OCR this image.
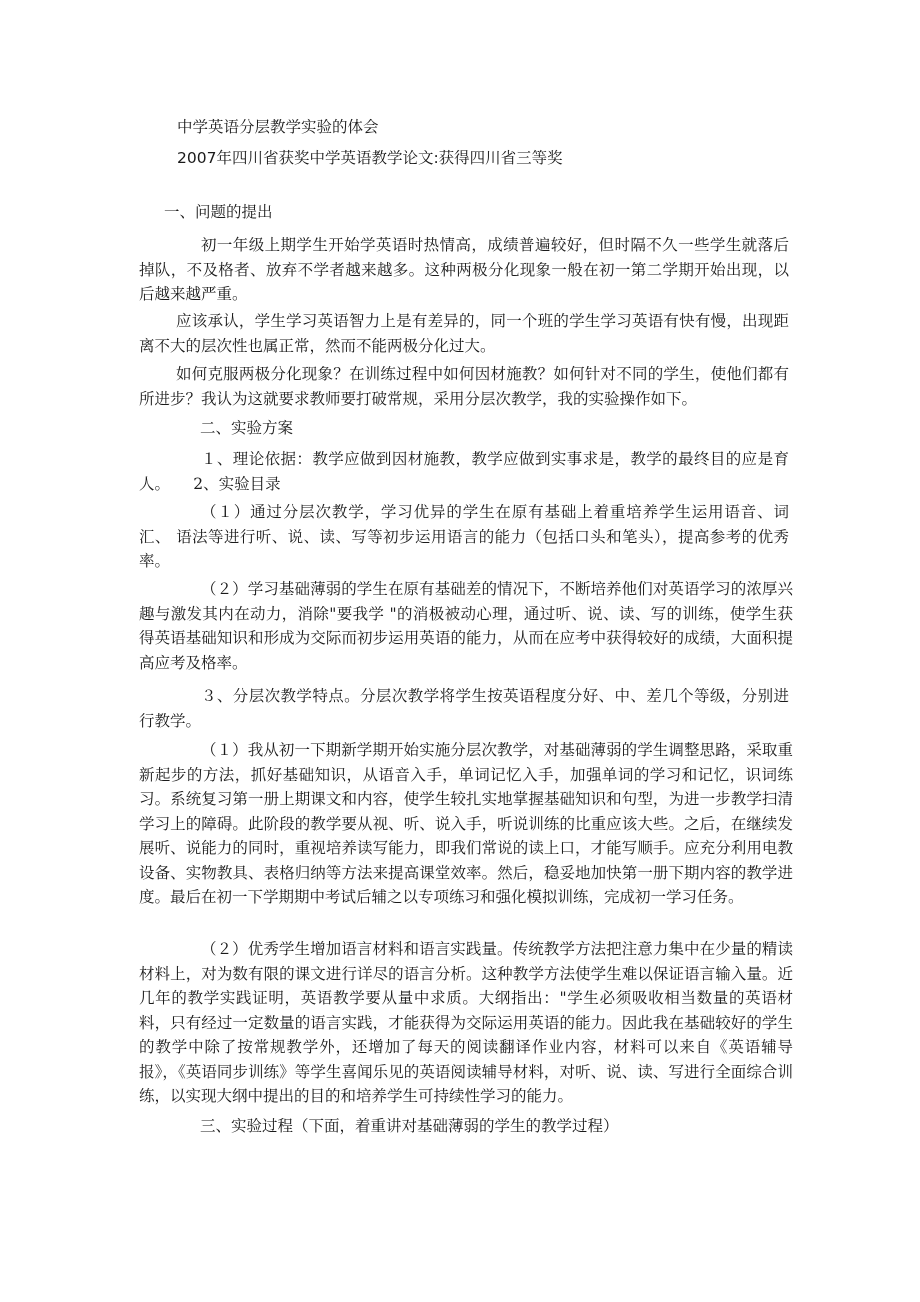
中学英语分层教学实验的体会

2007年四川省获奖中学英语教学论文:获得四川省三等奖

一、问题的提出

初一年级上期学生开始学英语时热情高，成绩普遍较好，但时隔不久一些学生就落后掉队，不及格者、放弃不学者越来越多。这种两极分化现象一般在初一第二学期开始出现，以后越来越严重。

应该承认，学生学习英语智力上是有差异的，同一个班的学生学习英语有快有慢，出现距离不大的层次性也属正常，然而不能两极分化过大。

如何克服两极分化现象？在训练过程中如何因材施教？如何针对不同的学生，使他们都有所进步？我认为这就要求教师要打破常规，采用分层次教学，我的实验操作如下。

二、实验方案

１、理论依据：教学应做到因材施教，教学应做到实事求是，教学的最终目的应是育人。　　2、实验目录

（１）通过分层次教学，学习优异的学生在原有基础上着重培养学生运用语音、词汇、 语法等进行听、说、读、写等初步运用语言的能力（包括口头和笔头），提高参考的优秀率。

（２）学习基础薄弱的学生在原有基础差的情况下，不断培养他们对英语学习的浓厚兴趣与激发其内在动力，消除"要我学 "的消极被动心理，通过听、说、读、写的训练，使学生获得英语基础知识和形成为交际而初步运用英语的能力，从而在应考中获得较好的成绩，大面积提高应考及格率。

３、分层次教学特点。分层次教学将学生按英语程度分好、中、差几个等级，分别进行教学。

（１）我从初一下期新学期开始实施分层次教学，对基础薄弱的学生调整思路，采取重新起步的方法，抓好基础知识，从语音入手，单词记忆入手，加强单词的学习和记忆，识词练习。系统复习第一册上期课文和内容，使学生较扎实地掌握基础知识和句型，为进一步教学扫清 学习上的障碍。此阶段的教学要从视、听、说入手，听说训练的比重应该大些。之后，在继续发展听、说能力的同时，重视培养读写能力，即我们常说的读上口，才能写顺手。应充分利用电教设备、实物教具、表格归纳等方法来提高课堂效率。然后，稳妥地加快第一册下期内容的教学进度。最后在初一下学期期中考试后辅之以专项练习和强化模拟训练，完成初一学习任务。

（２）优秀学生增加语言材料和语言实践量。传统教学方法把注意力集中在少量的精读材料上，对为数有限的课文进行详尽的语言分析。这种教学方法使学生难以保证语言输入量。近几年的教学实践证明，英语教学要从量中求质。大纲指出："学生必须吸收相当数量的英语材料，只有经过一定数量的语言实践，才能获得为交际运用英语的能力。因此我在基础较好的学生的教学中除了按常规教学外，还增加了每天的阅读翻译作业内容，材料可以来自《英语辅导报》，《英语同步训练》等学生喜闻乐见的英语阅读辅导材料，对听、说、读、写进行全面综合训练，以实现大纲中提出的目的和培养学生可持续性学习的能力。

三、实验过程（下面，着重讲对基础薄弱的学生的教学过程）
